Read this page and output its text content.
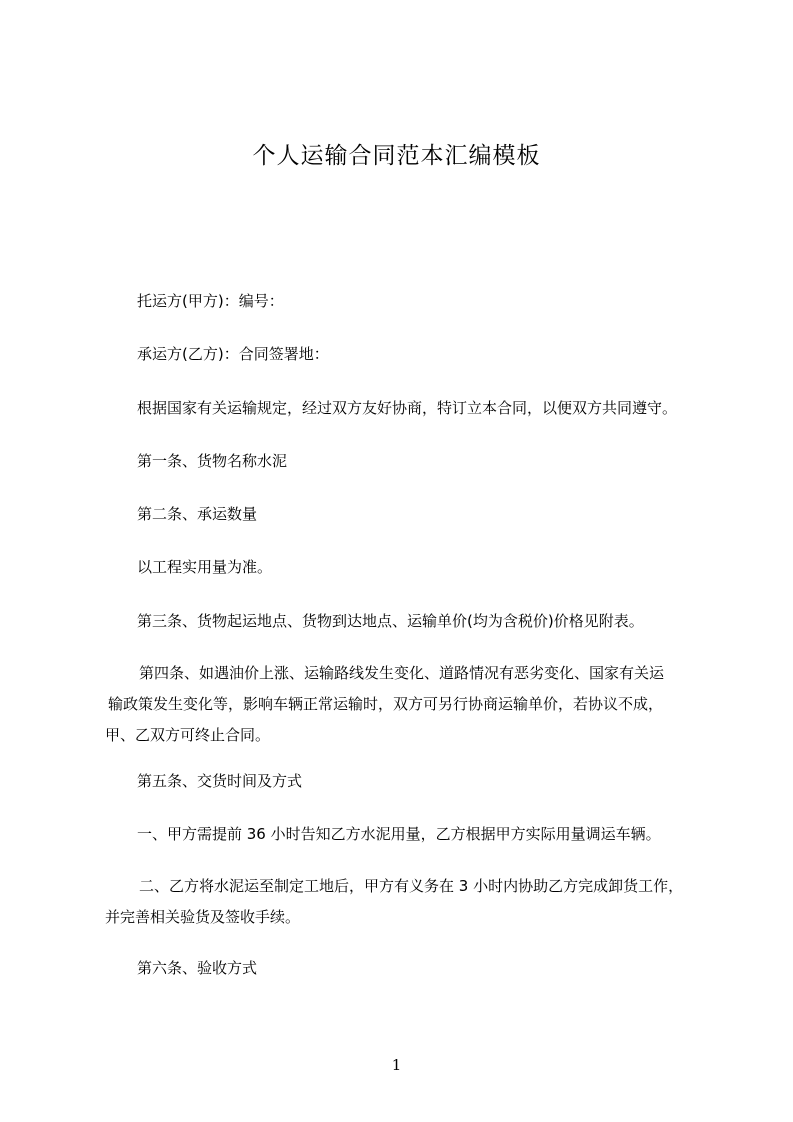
个人运输合同范本汇编模板
托运方(甲方)：编号：
承运方(乙方)：合同签署地：
根据国家有关运输规定，经过双方友好协商，特订立本合同，以便双方共同遵守。
第一条、货物名称水泥
第二条、承运数量
以工程实用量为准。
第三条、货物起运地点、货物到达地点、运输单价(均为含税价)价格见附表。
第四条、如遇油价上涨、运输路线发生变化、道路情况有恶劣变化、国家有关运
输政策发生变化等，影响车辆正常运输时，双方可另行协商运输单价，若协议不成，
甲、乙双方可终止合同。
第五条、交货时间及方式
一、甲方需提前 36 小时告知乙方水泥用量，乙方根据甲方实际用量调运车辆。
二、乙方将水泥运至制定工地后，甲方有义务在 3 小时内协助乙方完成卸货工作，
并完善相关验货及签收手续。
第六条、验收方式
1
